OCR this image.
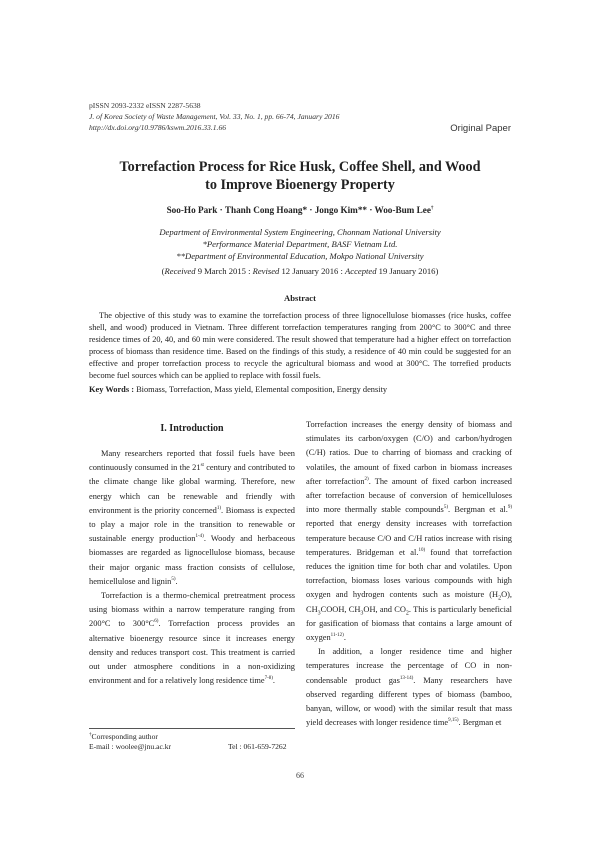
pISSN 2093-2332 eISSN 2287-5638
J. of Korea Society of Waste Management, Vol. 33, No. 1, pp. 66-74, January 2016
http://dx.doi.org/10.9786/kswm.2016.33.1.66	Original Paper
Torrefaction Process for Rice Husk, Coffee Shell, and Wood
to Improve Bioenergy Property
Soo-Ho Park · Thanh Cong Hoang* · Jongo Kim** · Woo-Bum Lee†
Department of Environmental System Engineering, Chonnam National University
*Performance Material Department, BASF Vietnam Ltd.
**Department of Environmental Education, Mokpo National University
(Received 9 March 2015 : Revised 12 January 2016 : Accepted 19 January 2016)
Abstract

The objective of this study was to examine the torrefaction process of three lignocellulose biomasses (rice husks, coffee shell, and wood) produced in Vietnam. Three different torrefaction temperatures ranging from 200°C to 300°C and three residence times of 20, 40, and 60 min were considered. The result showed that temperature had a higher effect on torrefaction process of biomass than residence time. Based on the findings of this study, a residence of 40 min could be suggested for an effective and proper torrefaction process to recycle the agricultural biomass and wood at 300°C. The torrefied products become fuel sources which can be applied to replace with fossil fuels.

Key Words : Biomass, Torrefaction, Mass yield, Elemental composition, Energy density
I. Introduction

Many researchers reported that fossil fuels have been continuously consumed in the 21st century and contributed to the climate change like global warming. Therefore, new energy which can be renewable and friendly with environment is the priority concerned$^{1)}$. Biomass is expected to play a major role in the transition to renewable or sustainable energy production$^{1-4)}$. Woody and herbaceous biomasses are regarded as lignocellulose biomass, because their major organic mass fraction consists of cellulose, hemicellulose and lignin$^{5)}$.

Torrefaction is a thermo-chemical pretreatment process using biomass within a narrow temperature ranging from 200°C to $300^\circ C^{6)}$. Torrefaction process provides an alternative bioenergy resource since it increases energy density and reduces transport cost. This treatment is carried out under atmosphere conditions in a non-oxidizing environment and for a relatively long residence time$^{7-8)}$.

Torrefaction increases the energy density of biomass and stimulates its carbon/oxygen (C/O) and carbon/hydrogen (C/H) ratios. Due to charring of biomass and cracking of volatiles, the amount of fixed carbon in biomass increases after torrefaction$^{2)}$. The amount of fixed carbon increased after torrefaction because of conversion of hemicelluloses into more thermally stable compounds$^{5)}$. Bergman et al.$^{9)}$ reported that energy density increases with torrefaction temperature because C/O and C/H ratios increase with rising temperatures. Bridgeman et al.$^{10)}$ found that torrefaction reduces the ignition time for both char and volatiles. Upon torrefaction, biomass loses various compounds with high oxygen and hydrogen contents such as moisture $(H_2O)$, $CH_3COOH$, $CH_3OH$, and $CO_2$. This is particularly beneficial for gasification of biomass that contains a large amount of oxygen$^{11-12)}$.

In addition, a longer residence time and higher temperatures increase the percentage of CO in non-condensable product gas$^{13-14)}$. Many researchers have observed regarding different types of biomass (bamboo, banyan, willow, or wood) with the similar result that mass yield decreases with longer residence time$^{9,15)}$. Bergman et

†Corresponding author
E-mail : woolee@jnu.ac.kr	Tel : 061-659-7262
66
